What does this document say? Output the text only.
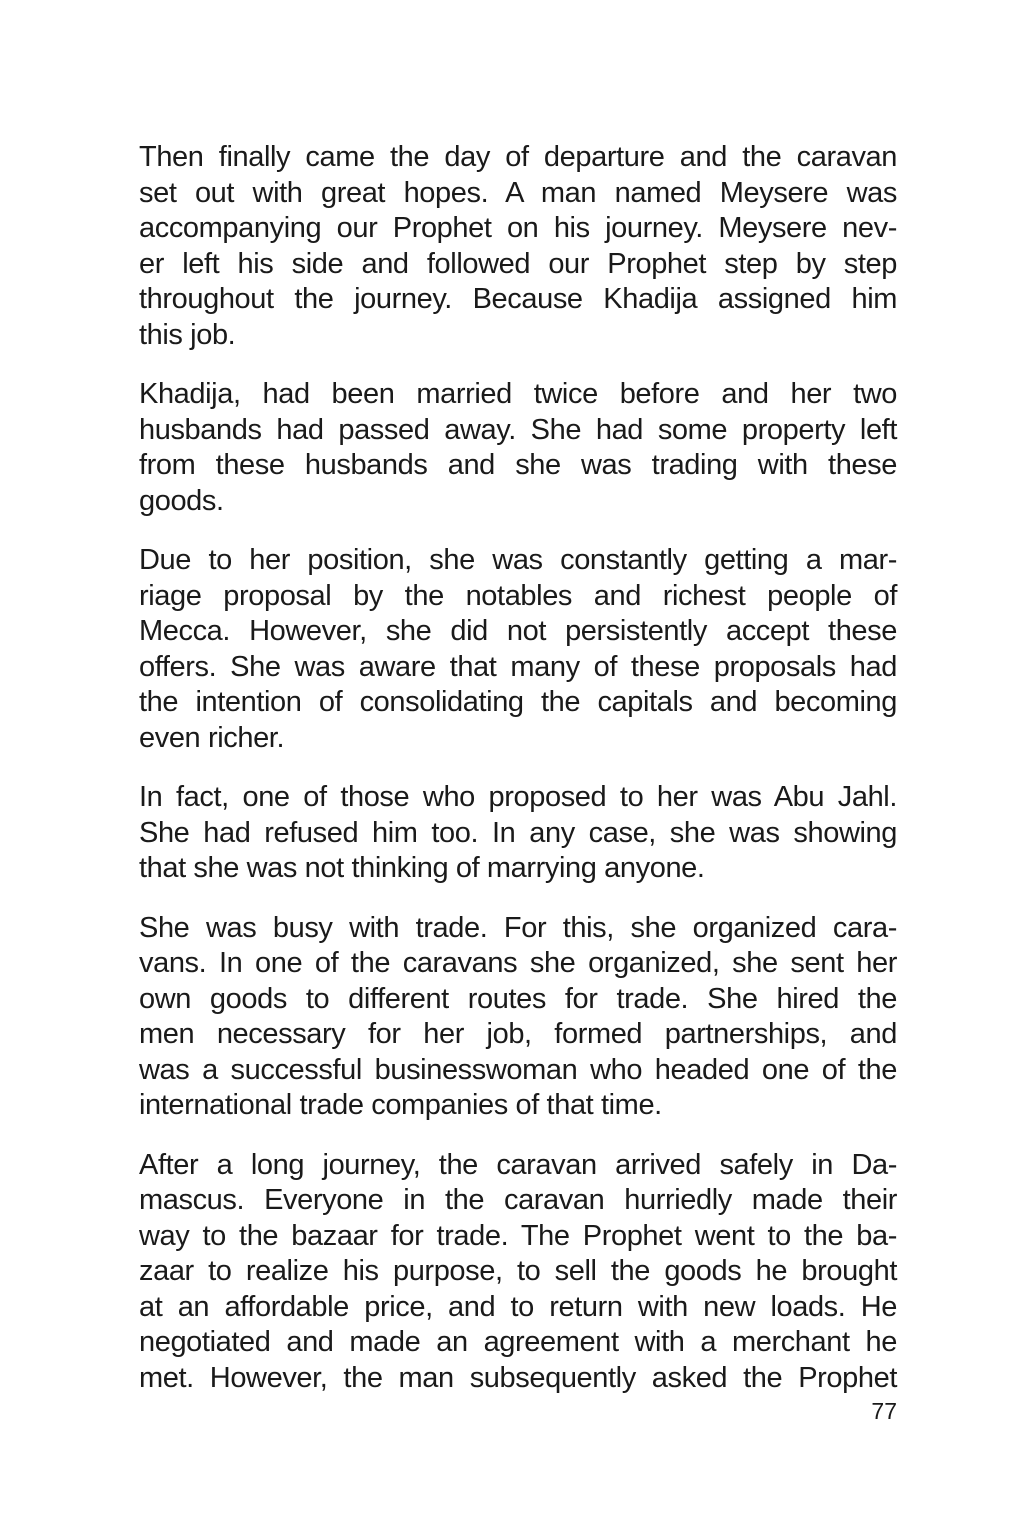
Then finally came the day of departure and the caravan
set out with great hopes. A man named Meysere was
accompanying our Prophet on his journey. Meysere nev-
er left his side and followed our Prophet step by step
throughout the journey. Because Khadija assigned him
this job.

Khadija, had been married twice before and her two
husbands had passed away. She had some property left
from these husbands and she was trading with these
goods.

Due to her position, she was constantly getting a mar-
riage proposal by the notables and richest people of
Mecca. However, she did not persistently accept these
offers. She was aware that many of these proposals had
the intention of consolidating the capitals and becoming
even richer.

In fact, one of those who proposed to her was Abu Jahl.
She had refused him too. In any case, she was showing
that she was not thinking of marrying anyone.

She was busy with trade. For this, she organized cara-
vans. In one of the caravans she organized, she sent her
own goods to different routes for trade. She hired the
men necessary for her job, formed partnerships, and
was a successful businesswoman who headed one of the
international trade companies of that time.

After a long journey, the caravan arrived safely in Da-
mascus. Everyone in the caravan hurriedly made their
way to the bazaar for trade. The Prophet went to the ba-
zaar to realize his purpose, to sell the goods he brought
at an affordable price, and to return with new loads. He
negotiated and made an agreement with a merchant he
met. However, the man subsequently asked the Prophet

77
